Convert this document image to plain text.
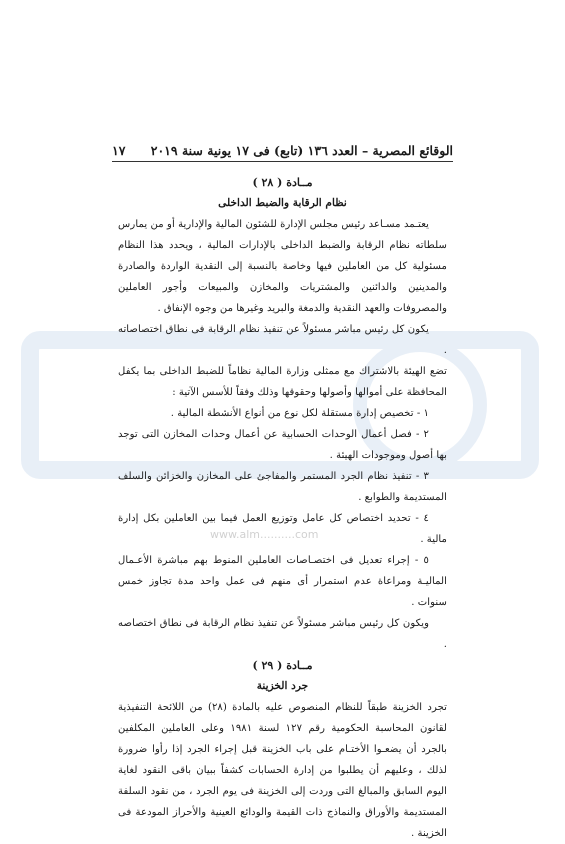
الوقائع المصرية – العدد ١٣٦ (تابع) فى ١٧ يونية سنة ٢٠١٩
١٧

مــادة ( ٢٨ )

نظام الرقابة والضبط الداخلى

يعتـمد مسـاعد رئيس مجلس الإدارة للشئون المالية والإدارية أو من يمارس سلطاته نظام الرقابة والضبط الداخلى بالإدارات المالية ، ويحدد هذا النظام مسئولية كل من العاملين فيها وخاصة بالنسبة إلى النقدية الواردة والصادرة والمدينين والدائنين والمشتريات والمخازن والمبيعات وأجور العاملين والمصروفات والعهد النقدية والدمغة والبريد وغيرها من وجوه الإنفاق .

يكون كل رئيس مباشر مسئولاً عن تنفيذ نظام الرقابة فى نطاق اختصاصاته .

تضع الهيئة بالاشتراك مع ممثلى وزارة المالية نظاماً للضبط الداخلى بما يكفل المحافظة على أموالها وأصولها وحقوقها وذلك وفقاً للأسس الآتية :

١ - تخصيص إدارة مستقلة لكل نوع من أنواع الأنشطة المالية .

٢ - فصل أعمال الوحدات الحسابية عن أعمال وحدات المخازن التى توجد بها أصول وموجودات الهيئة .

٣ - تنفيذ نظام الجرد المستمر والمفاجئ على المخازن والخزائن والسلف المستديمة والطوابع .

٤ - تحديد اختصاص كل عامل وتوزيع العمل فيما بين العاملين بكل إدارة مالية .

٥ - إجراء تعديل فى اختصـاصات العاملين المنوط بهم مباشرة الأعـمال الماليـة ومراعاة عدم استمرار أى منهم فى عمل واحد مدة تجاوز خمس سنوات .

ويكون كل رئيس مباشر مسئولاً عن تنفيذ نظام الرقابة فى نطاق اختصاصه .

مــادة ( ٢٩ )

جرد الخزينة

تجرد الخزينة طبقاً للنظام المنصوص عليه بالمادة (٢٨) من اللائحة التنفيذية لقانون المحاسبة الحكومية رقم ١٢٧ لسنة ١٩٨١ وعلى العاملين المكلفين بالجرد أن يضعـوا الأختـام على باب الخزينة قبل إجراء الجرد إذا رأوا ضرورة لذلك ، وعليهم أن يطلبوا من إدارة الحسابات كشفاً ببيان باقى النقود لغاية اليوم السابق والمبالغ التى وردت إلى الخزينة فى يوم الجرد ، من نقود السلفة المستديمة والأوراق والنماذج ذات القيمة والودائع العينية والأحراز المودعة فى الخزينة .

www.alm..........com
